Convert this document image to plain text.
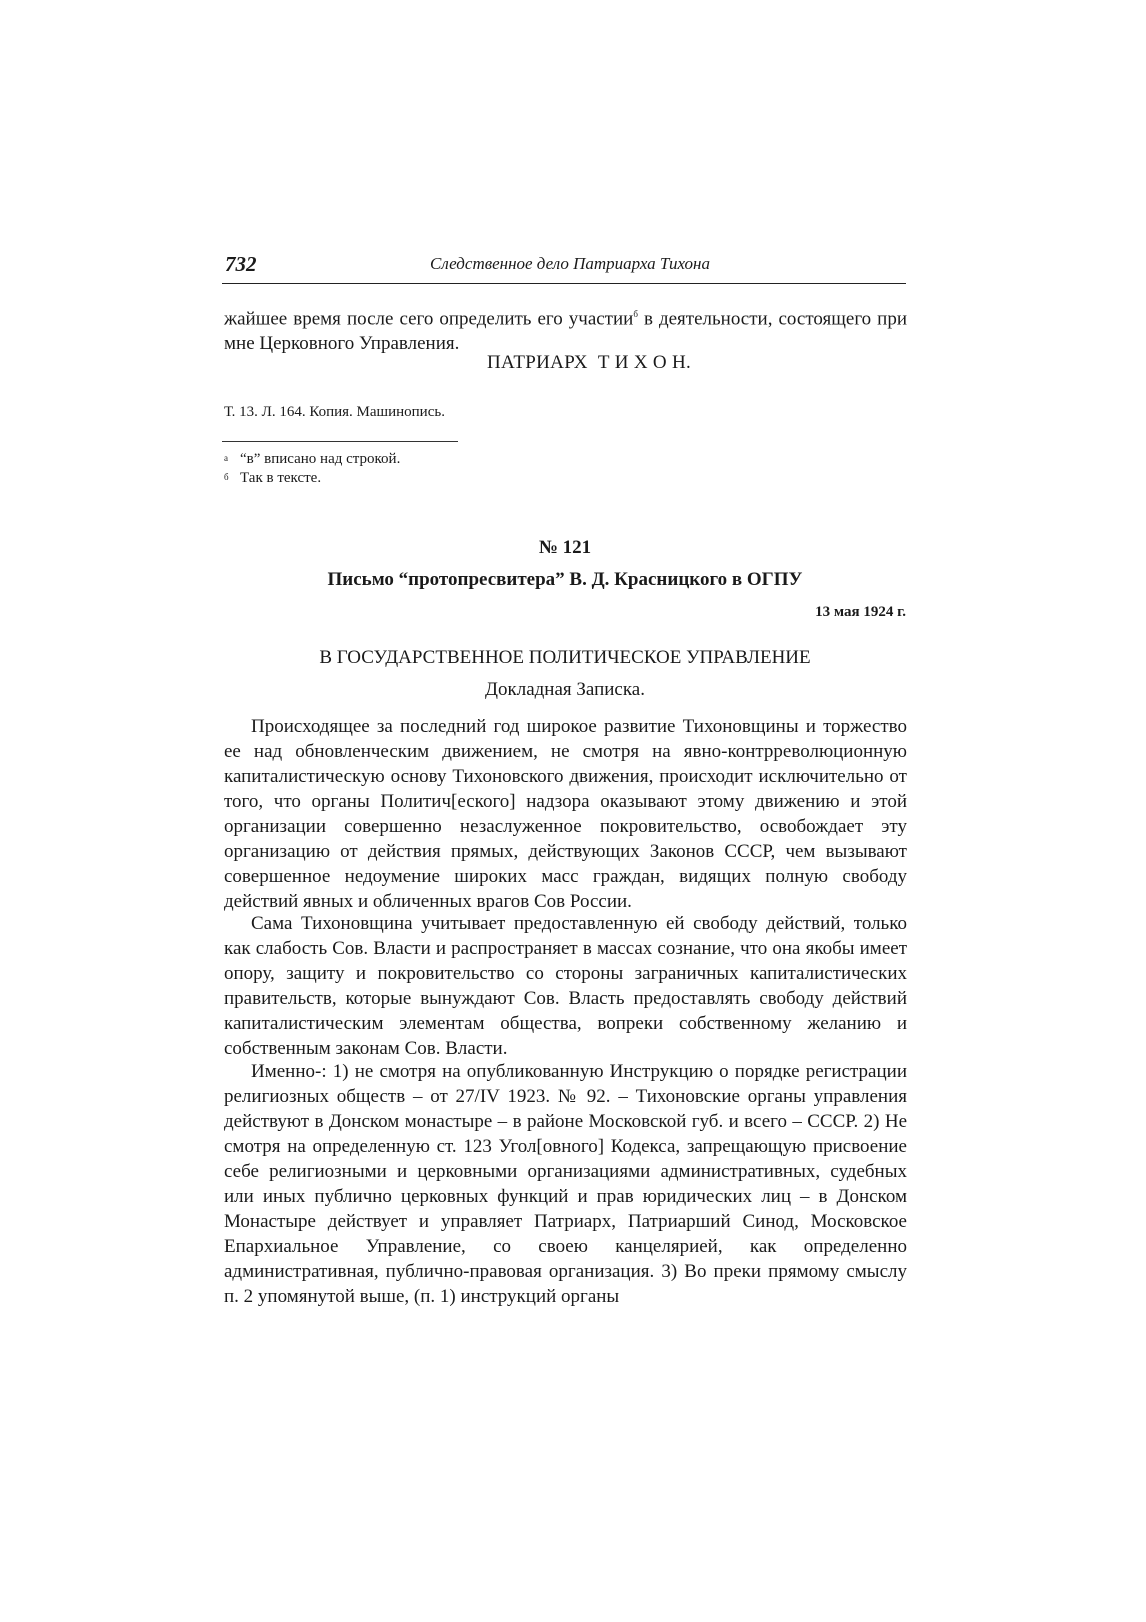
732	Следственное дело Патриарха Тихона

жайшее время после сего определить его участии$^б$ в деятельности, состоящего при мне Церковного Управления.

ПАТРИАРХ  Т И Х О Н.
Т. 13. Л. 164. Копия. Машинопись.
а “в” вписано над строкой.
б Так в тексте.
№ 121
Письмо “протопресвитера” В. Д. Красницкого в ОГПУ
13 мая 1924 г.
В ГОСУДАРСТВЕННОЕ ПОЛИТИЧЕСКОЕ УПРАВЛЕНИЕ
Докладная Записка.

Происходящее за последний год широкое развитие Тихоновщины и торжество ее над обновленческим движением, не смотря на явно-контрреволюционную капиталистическую основу Тихоновского движения, происходит исключительно от того, что органы Политич[еского] надзора оказывают этому движению и этой организации совершенно незаслуженное покровительство, освобождает эту организацию от действия прямых, действующих Законов СССР, чем вызывают совершенное недоумение широких масс граждан, видящих полную свободу действий явных и обличенных врагов Сов России.

Сама Тихоновщина учитывает предоставленную ей свободу действий, только как слабость Сов. Власти и распространяет в массах сознание, что она якобы имеет опору, защиту и покровительство со стороны заграничных капиталистических правительств, которые вынуждают Сов. Власть предоставлять свободу действий капиталистическим элементам общества, вопреки собственному желанию и собственным законам Сов. Власти.

Именно-: 1) не смотря на опубликованную Инструкцию о порядке регистрации религиозных обществ – от 27/IV 1923. № 92. – Тихоновские органы управления действуют в Донском монастыре – в районе Московской губ. и всего – СССР. 2) Не смотря на определенную ст. 123 Угол[овного] Кодекса, запрещающую присвоение себе религиозными и церковными организациями административных, судебных или иных публично церковных функций и прав юридических лиц – в Донском Монастыре действует и управляет Патриарх, Патриарший Синод, Московское Епархиальное Управление, со своею канцелярией, как определенно административная, публично-правовая организация. 3) Во преки прямому смыслу п. 2 упомянутой выше, (п. 1) инструкций органы
